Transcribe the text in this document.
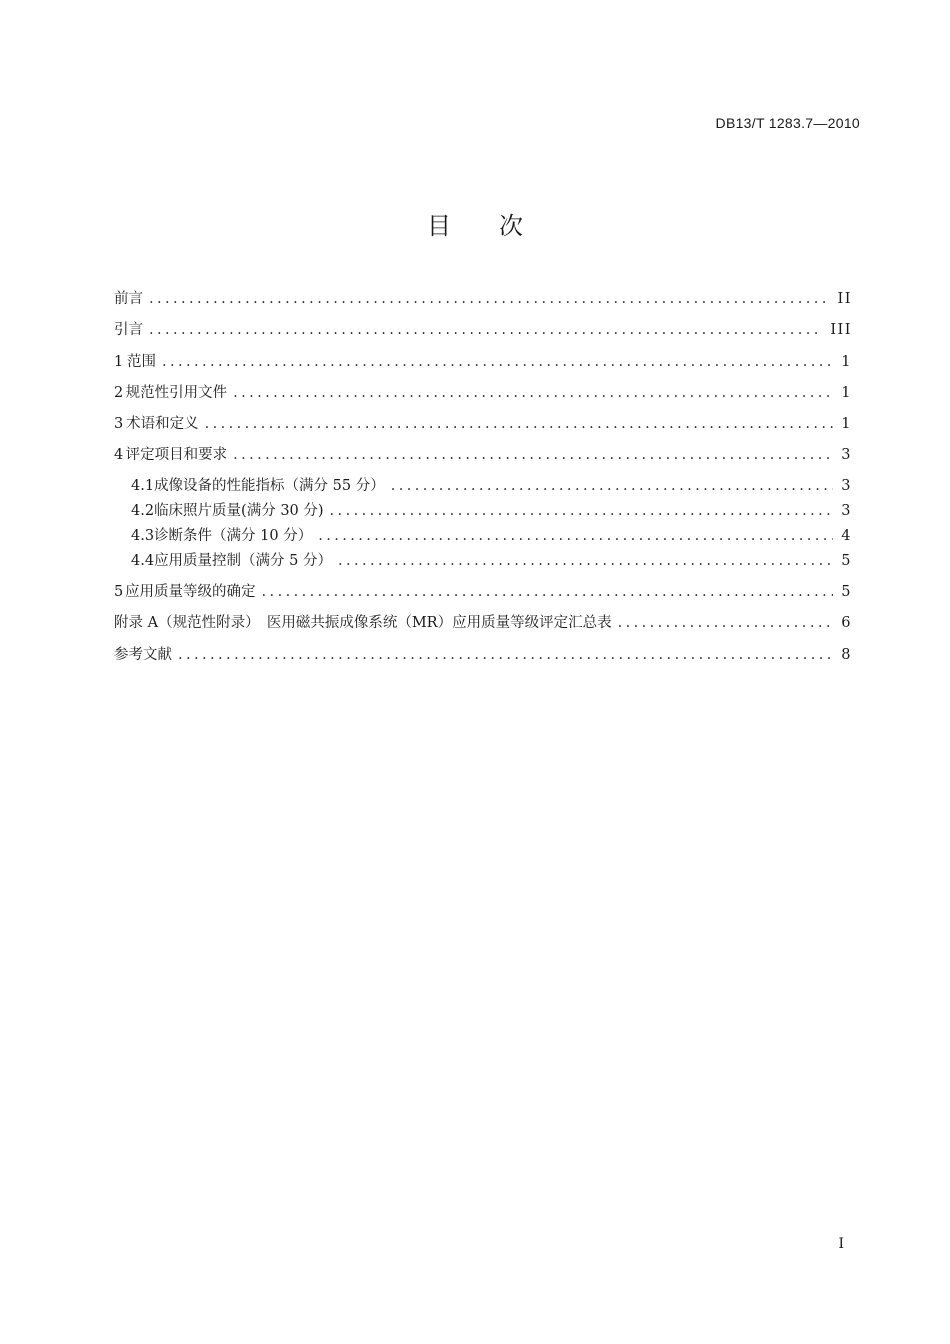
DB13/T 1283.7—2010
目 次
前言 .....	II
引言 .....	III
1 范围 .....	1
2 规范性引用文件 .....	1
3 术语和定义 .....	1
4 评定项目和要求 .....	3
4.1 成像设备的性能指标（满分 55 分） .....	3
4.2 临床照片质量(满分 30 分) .....	3
4.3 诊断条件（满分 10 分） .....	4
4.4 应用质量控制（满分 5 分） .....	5
5 应用质量等级的确定 .....	5
附录 A（规范性附录）　医用磁共振成像系统（MR）应用质量等级评定汇总表 .....	6
参考文献 .....	8
I
